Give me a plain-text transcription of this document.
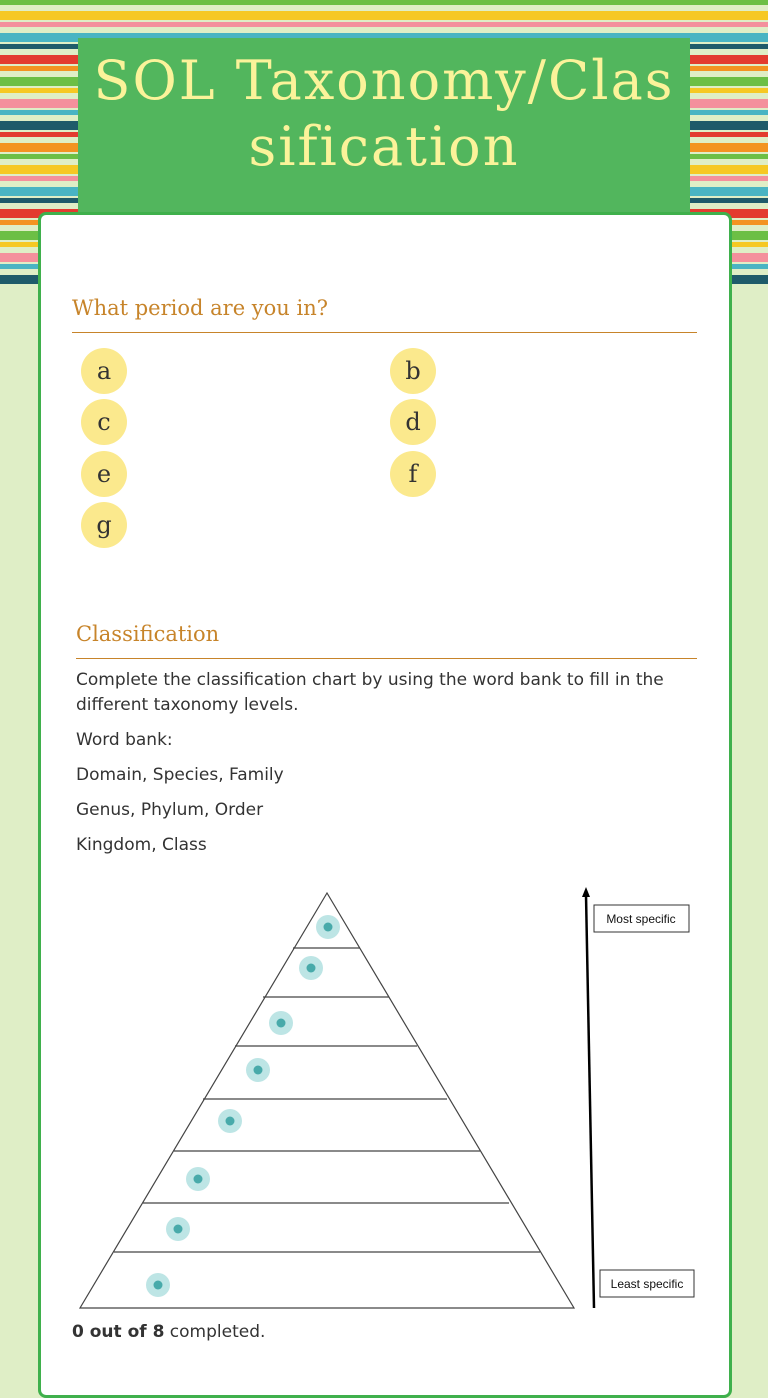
SOL Taxonomy/Classification
What period are you in?
a	b
c	d
e	f
g
Classification
Complete the classification chart by using the word bank to fill in the different taxonomy levels.
Word bank:
Domain, Species, Family
Genus, Phylum, Order
Kingdom, Class
Most specific
Least specific
0 out of 8 completed.
